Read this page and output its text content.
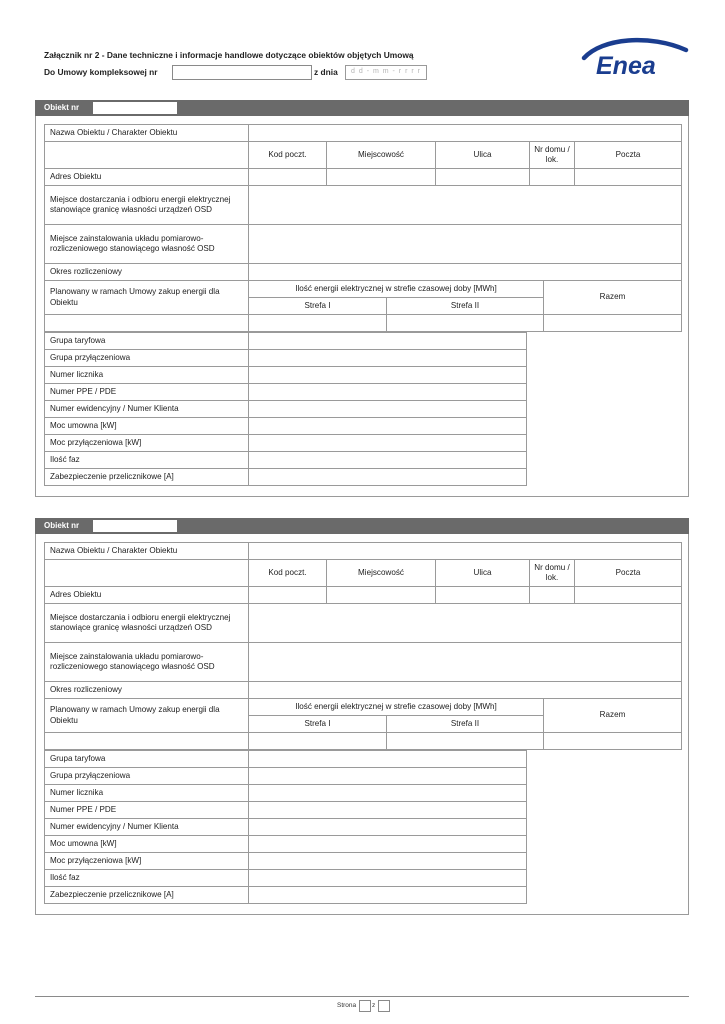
Załącznik nr 2 - Dane techniczne i informacje handlowe dotyczące obiektów objętych Umową
Do Umowy kompleksowej nr	z dnia	d d - m m - r r r r	Enea
Obiekt nr
Nazwa Obiektu / Charakter Obiektu					
	Kod poczt.	Miejscowość	Ulica	Nr domu / lok.	Poczta
Adres Obiektu					
Miejsce dostarczania i odbioru energii elektrycznej stanowiące granicę własności urządzeń OSD					
Miejsce zainstalowania układu pomiarowo-rozliczeniowego stanowiącego własność OSD					
Okres rozliczeniowy					
Planowany w ramach Umowy zakup energii dla Obiektu	Ilość energii elektrycznej w strefie czasowej doby [MWh]		Razem
	Strefa I	Strefa II	

Grupa taryfowa	
Grupa przyłączeniowa	
Numer licznika	
Numer PPE / PDE	
Numer ewidencyjny / Numer Klienta	
Moc umowna [kW]	
Moc przyłączeniowa [kW]	
Ilość faz	
Zabezpieczenie przelicznikowe [A]	
Obiekt nr
Nazwa Obiektu / Charakter Obiektu					
	Kod poczt.	Miejscowość	Ulica	Nr domu / lok.	Poczta
Adres Obiektu					
Miejsce dostarczania i odbioru energii elektrycznej stanowiące granicę własności urządzeń OSD					
Miejsce zainstalowania układu pomiarowo-rozliczeniowego stanowiącego własność OSD					
Okres rozliczeniowy					
Planowany w ramach Umowy zakup energii dla Obiektu	Ilość energii elektrycznej w strefie czasowej doby [MWh]		Razem
	Strefa I	Strefa II	

Grupa taryfowa	
Grupa przyłączeniowa	
Numer licznika	
Numer PPE / PDE	
Numer ewidencyjny / Numer Klienta	
Moc umowna [kW]	
Moc przyłączeniowa [kW]	
Ilość faz	
Zabezpieczenie przelicznikowe [A]	
Strona z
